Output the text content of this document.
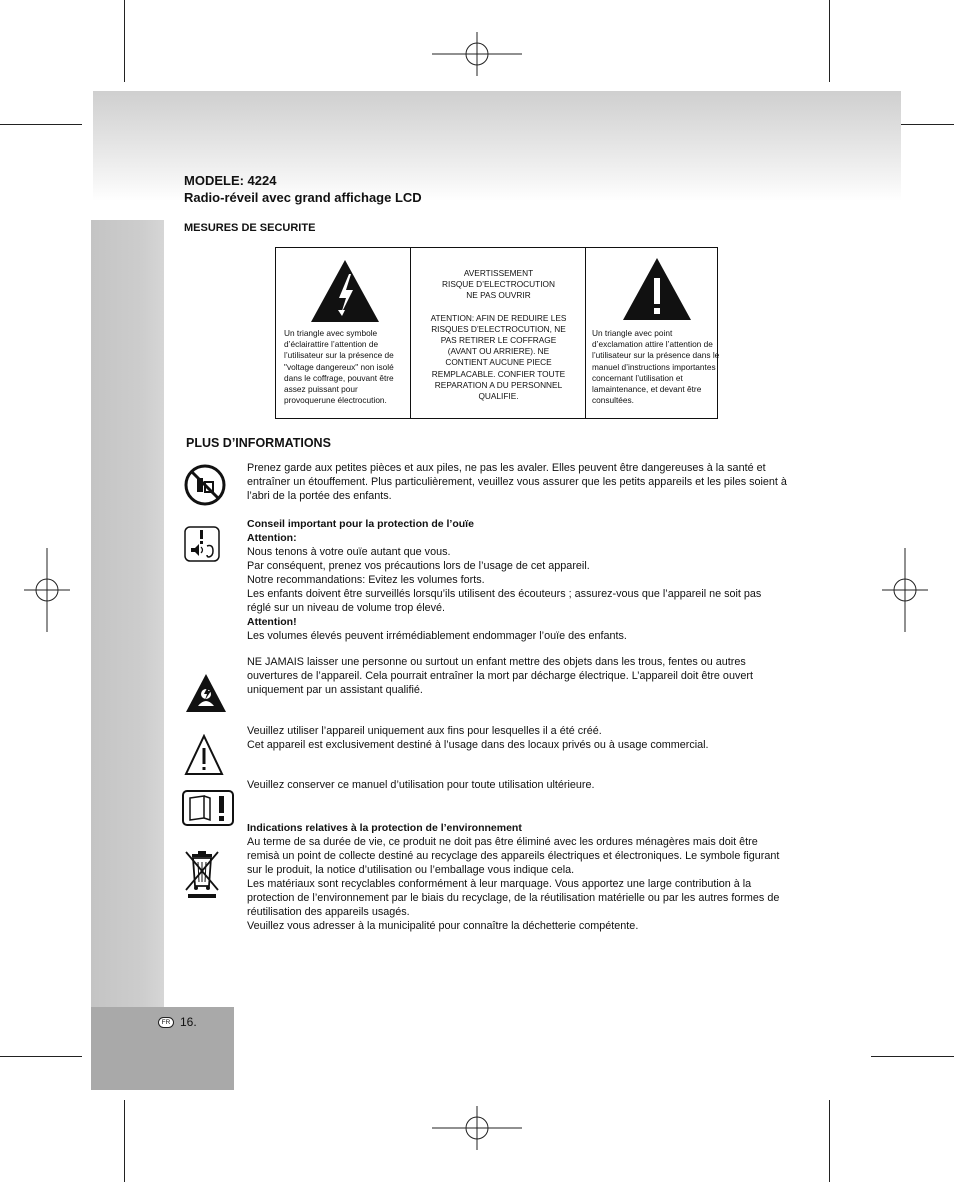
MODELE: 4224
Radio-réveil avec grand affichage LCD
MESURES DE SECURITE
Un triangle avec symbole d’éclairattire l’attention de l’utilisateur sur la présence de "voltage dangereux" non isolé dans le coffrage, pouvant être assez puissant pour provoquerune électrocution.
AVERTISSEMENT
RISQUE D’ELECTROCUTION
NE PAS OUVRIR
ATENTION: AFIN DE REDUIRE LES
RISQUES D’ELECTROCUTION, NE
PAS RETIRER LE COFFRAGE
(AVANT OU ARRIERE). NE
CONTIENT AUCUNE PIECE
REMPLACABLE. CONFIER TOUTE
REPARATION A DU PERSONNEL
QUALIFIE.
Un triangle avec point d’exclamation attire l’attention de l’utilisateur sur la présence dans le manuel d’instructions importantes concernant l’utilisation et lamaintenance, et devant être consultées.
PLUS D’INFORMATIONS
Prenez garde aux petites pièces et aux piles, ne pas les avaler. Elles peuvent être dangereuses à la santé et entraîner un étouffement. Plus particulièrement, veuillez vous assurer que les petits appareils et les piles soient à l’abri de la portée des enfants.
Conseil important pour la protection de l’ouïe
Attention:
Nous tenons à votre ouïe autant que vous.
Par conséquent, prenez vos précautions lors de l’usage de cet appareil.
Notre recommandations: Evitez les volumes forts.
Les enfants doivent être surveillés lorsqu’ils utilisent des écouteurs ; assurez-vous que l’appareil ne soit pas réglé sur un niveau de volume trop élevé.
Attention!
Les volumes élevés peuvent irrémédiablement endommager l’ouïe des enfants.
NE JAMAIS laisser une personne ou surtout un enfant mettre des objets dans les trous, fentes ou autres ouvertures de l’appareil. Cela pourrait entraîner la mort par décharge électrique. L’appareil doit être ouvert uniquement par un assistant qualifié.
Veuillez utiliser l’appareil uniquement aux fins pour lesquelles il a été créé.
Cet appareil est exclusivement destiné à l’usage dans des locaux privés ou à usage commercial.
Veuillez conserver ce manuel d’utilisation pour toute utilisation ultérieure.
Indications relatives à la protection de l’environnement
Au terme de sa durée de vie, ce produit ne doit pas être éliminé avec les ordures ménagères mais doit être remisà un point de collecte destiné au recyclage des appareils électriques et électroniques. Le symbole figurant sur le produit, la notice d’utilisation ou l’emballage vous indique cela.
Les matériaux sont recyclables conformément à leur marquage. Vous apportez une large contribution à la protection de l’environnement par le biais du recyclage, de la réutilisation matérielle ou par les autres formes de réutilisation des appareils usagés.
Veuillez vous adresser à la municipalité pour connaître la déchetterie compétente.
FR 16.
